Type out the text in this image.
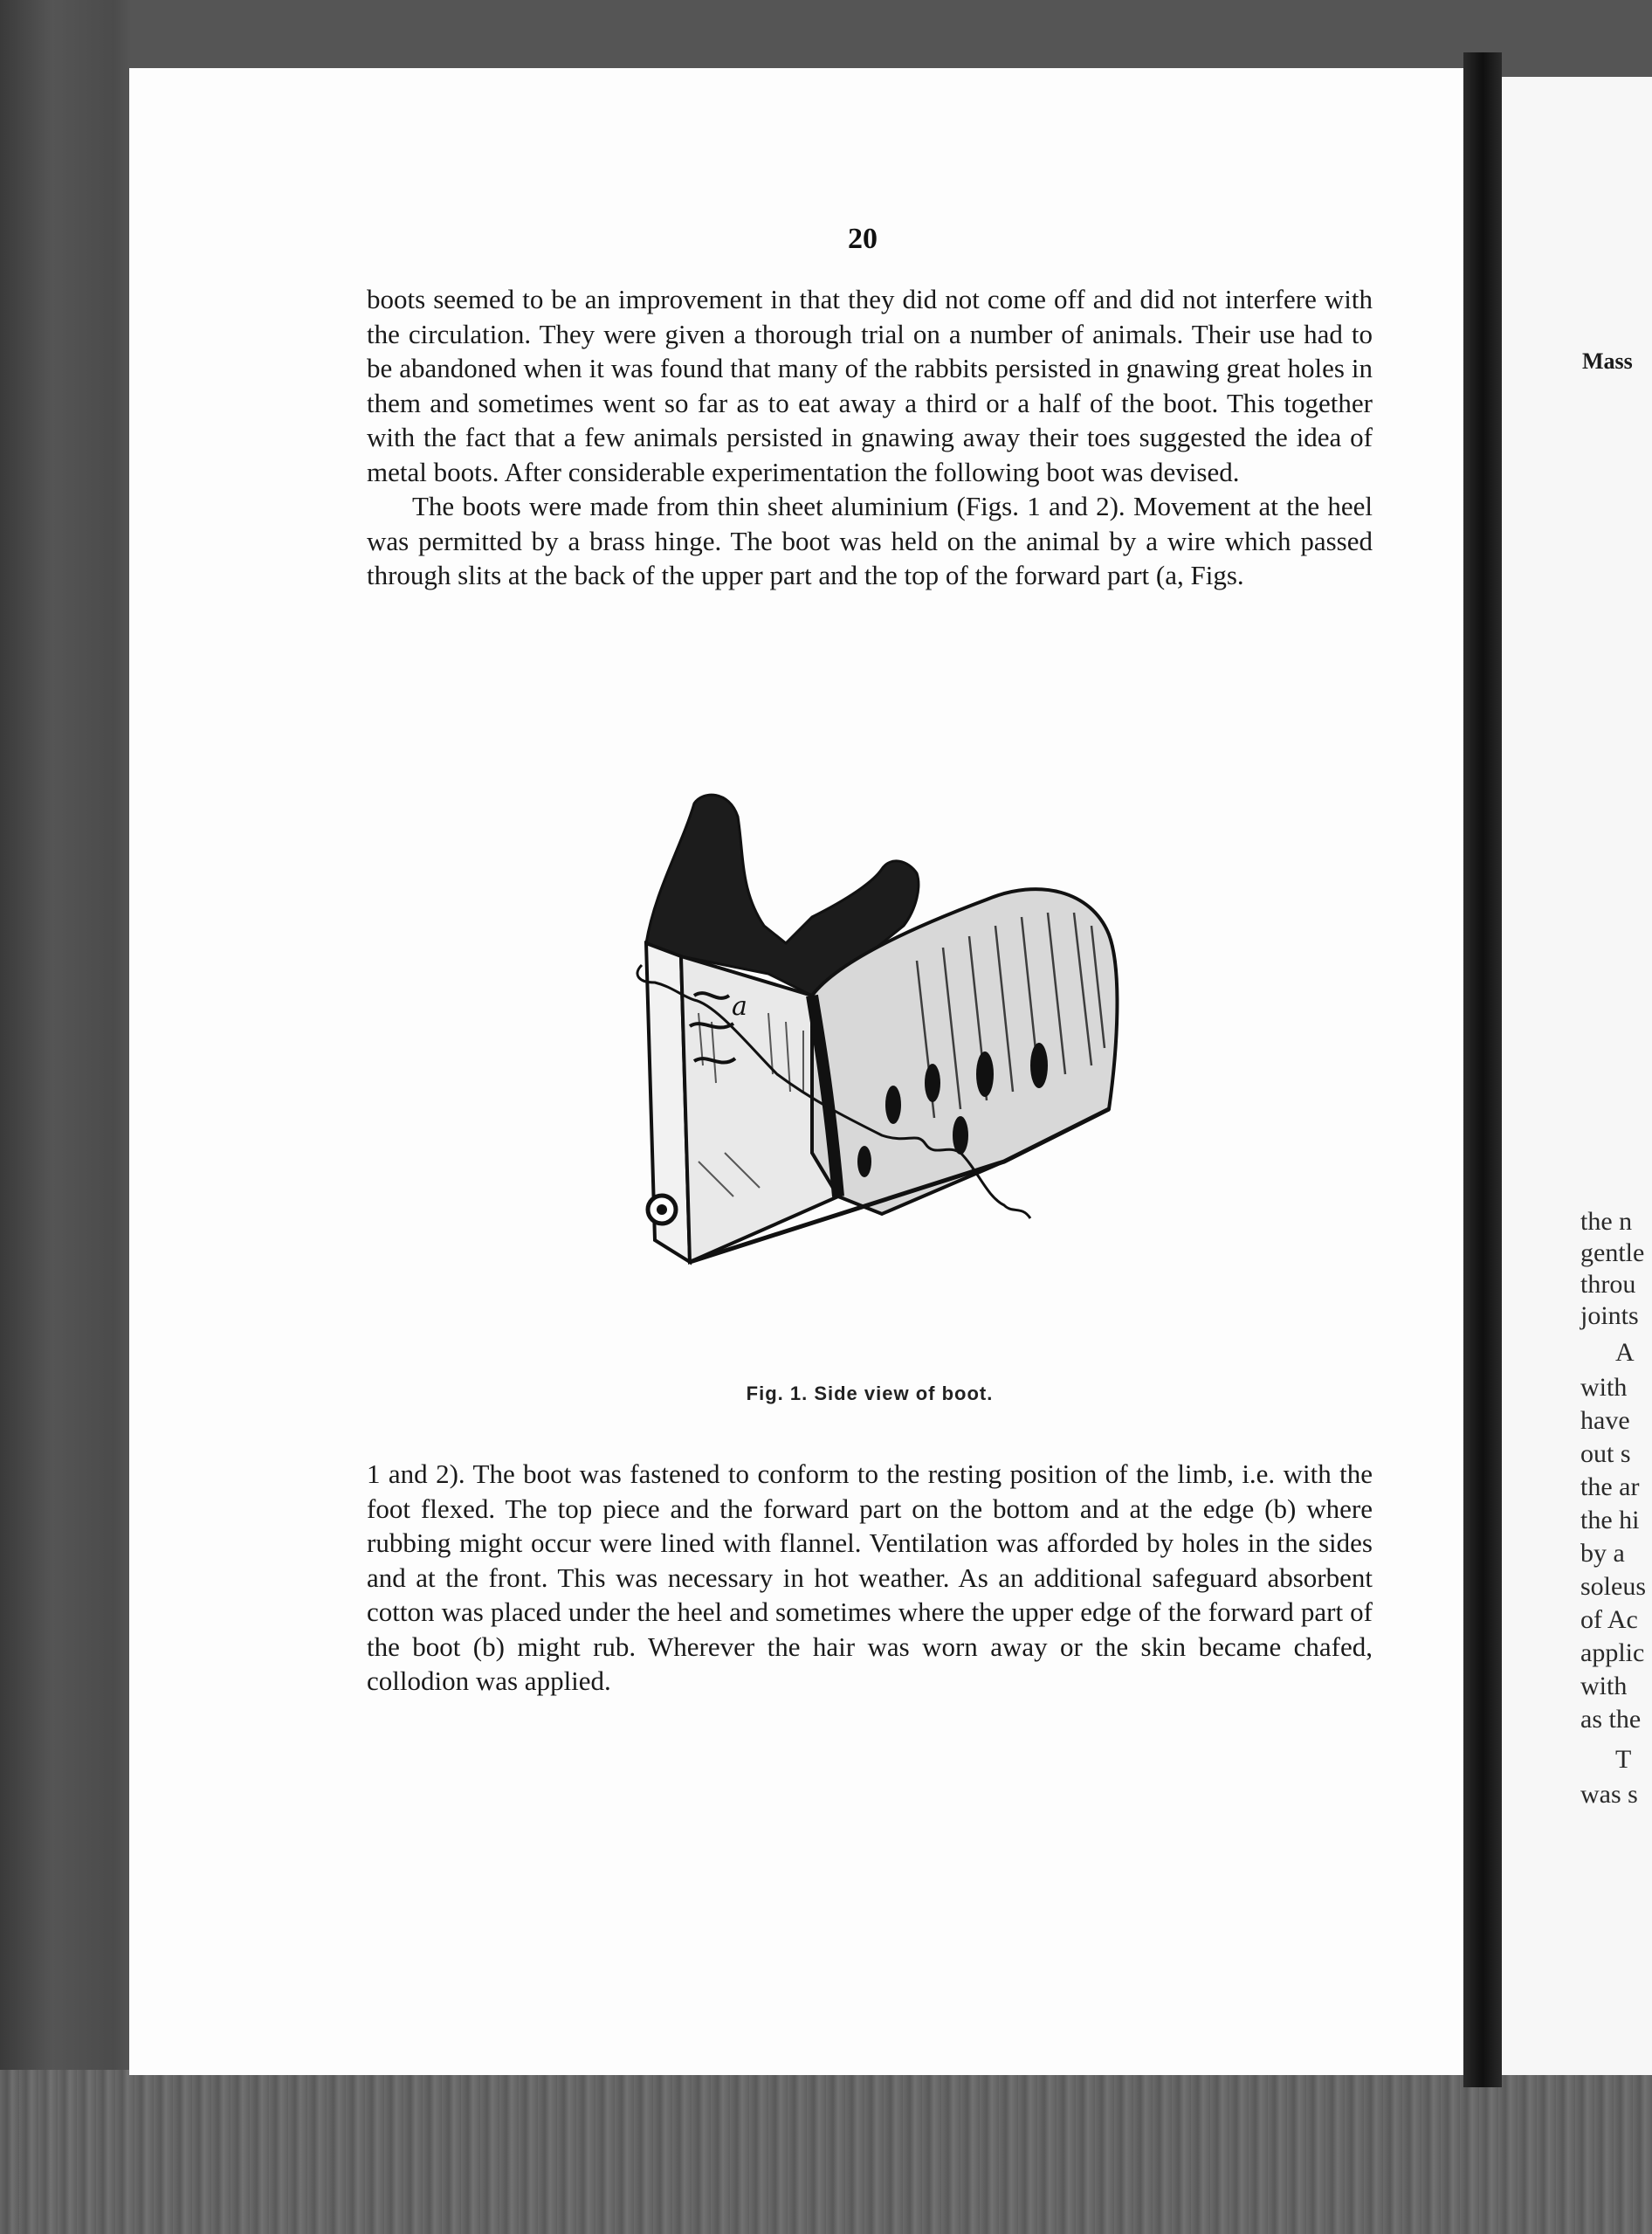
20

boots seemed to be an improvement in that they did not come off and did not interfere with the circulation. They were given a thorough trial on a number of animals. Their use had to be abandoned when it was found that many of the rabbits persisted in gnawing great holes in them and sometimes went so far as to eat away a third or a half of the boot. This together with the fact that a few animals persisted in gnawing away their toes suggested the idea of metal boots. After considerable experimentation the following boot was devised.

The boots were made from thin sheet aluminium (Figs. 1 and 2). Movement at the heel was permitted by a brass hinge. The boot was held on the animal by a wire which passed through slits at the back of the upper part and the top of the forward part (a, Figs.

a
Fig. 1. Side view of boot.

1 and 2). The boot was fastened to conform to the resting position of the limb, i.e. with the foot flexed. The top piece and the forward part on the bottom and at the edge (b) where rubbing might occur were lined with flannel. Ventilation was afforded by holes in the sides and at the front. This was necessary in hot weather. As an additional safeguard absorbent cotton was placed under the heel and sometimes where the upper edge of the forward part of the boot (b) might rub. Wherever the hair was worn away or the skin became chafed, collodion was applied.

Mass
the n
gentle
throu
joints
A
with
have
out s
the ar
the hi
by a
soleus
of Ac
applic
with
as the
T
was s
